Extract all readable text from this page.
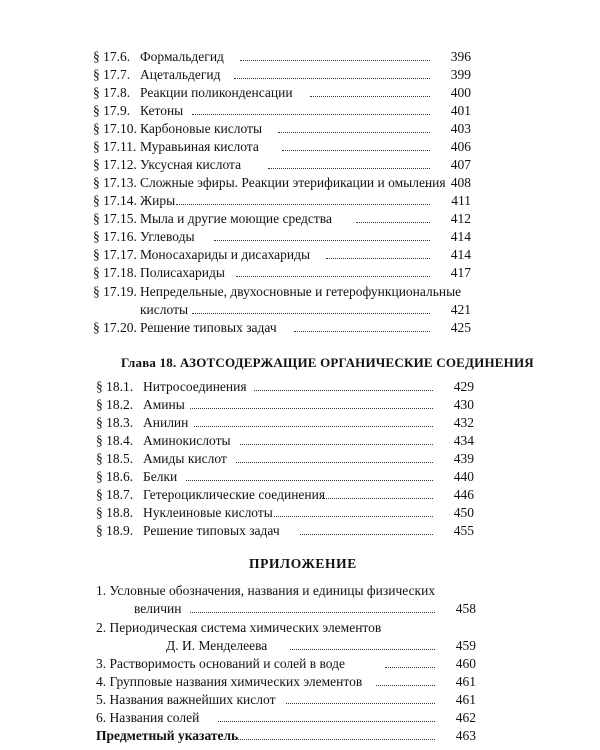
§ 17.6. Формальдегид	396
§ 17.7. Ацетальдегид	399
§ 17.8. Реакции поликонденсации	400
§ 17.9. Кетоны	401
§ 17.10. Карбоновые кислоты	403
§ 17.11. Муравьиная кислота	406
§ 17.12. Уксусная кислота	407
§ 17.13. Сложные эфиры. Реакции этерификации и омыления 408
§ 17.14. Жиры	411
§ 17.15. Мыла и другие моющие средства	412
§ 17.16. Углеводы	414
§ 17.17. Моносахариды и дисахариды	414
§ 17.18. Полисахариды	417
§ 17.19. Непредельные, двухосновные и гетерофункциональные
кислоты	421
§ 17.20. Решение типовых задач	425
Глава 18. АЗОТСОДЕРЖАЩИЕ ОРГАНИЧЕСКИЕ СОЕДИНЕНИЯ
§ 18.1. Нитросоединения	429
§ 18.2. Амины	430
§ 18.3. Анилин	432
§ 18.4. Аминокислоты	434
§ 18.5. Амиды кислот	439
§ 18.6. Белки	440
§ 18.7. Гетероциклические соединения	446
§ 18.8. Нуклеиновые кислоты	450
§ 18.9. Решение типовых задач	455
ПРИЛОЖЕНИЕ
1. Условные обозначения, названия и единицы физических
величин	458
2. Периодическая система химических элементов
Д. И. Менделеева	459
3. Растворимость оснований и солей в воде	460
4. Групповые названия химических элементов	461
5. Названия важнейших кислот	461
6. Названия солей	462
Предметный указатель	463
